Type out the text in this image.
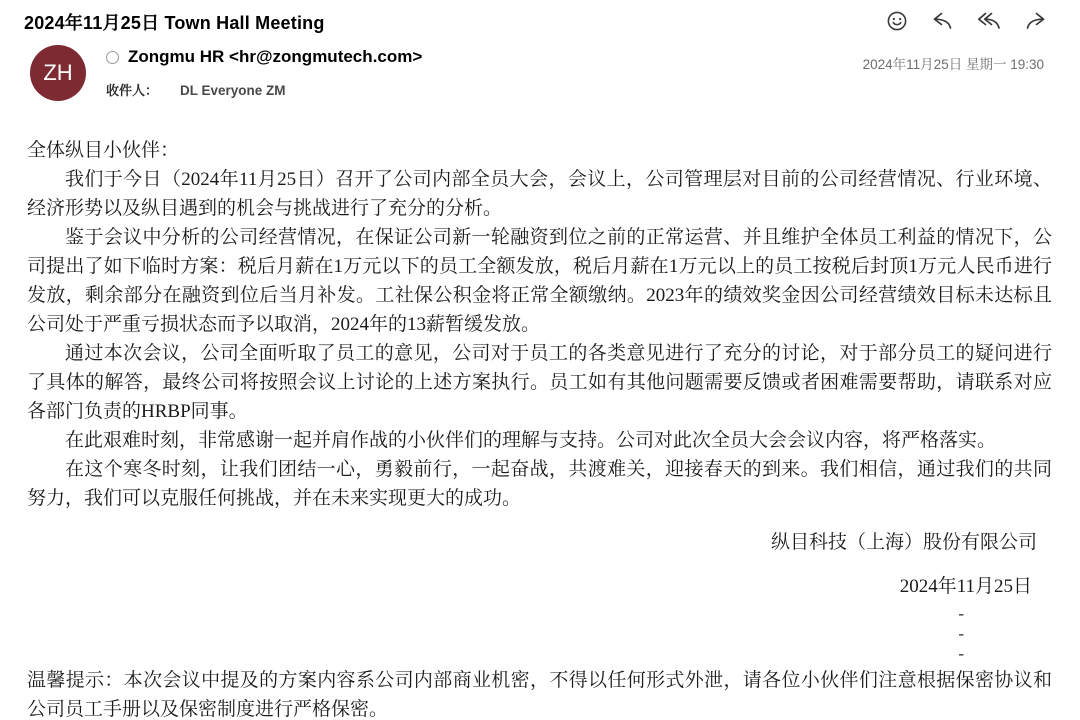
2024年11月25日 Town Hall Meeting
ZH
Zongmu HR <hr@zongmutech.com>
收件人： DL Everyone ZM
2024年11月25日 星期一 19:30

全体纵目小伙伴：

我们于今日（2024年11月25日）召开了公司内部全员大会，会议上，公司管理层对目前的公司经营情况、行业环境、经济形势以及纵目遇到的机会与挑战进行了充分的分析。

鉴于会议中分析的公司经营情况，在保证公司新一轮融资到位之前的正常运营、并且维护全体员工利益的情况下，公司提出了如下临时方案：税后月薪在1万元以下的员工全额发放，税后月薪在1万元以上的员工按税后封顶1万元人民币进行发放，剩余部分在融资到位后当月补发。工社保公积金将正常全额缴纳。2023年的绩效奖金因公司经营绩效目标未达标且公司处于严重亏损状态而予以取消，2024年的13薪暂缓发放。

通过本次会议，公司全面听取了员工的意见，公司对于员工的各类意见进行了充分的讨论，对于部分员工的疑问进行了具体的解答，最终公司将按照会议上讨论的上述方案执行。员工如有其他问题需要反馈或者困难需要帮助，请联系对应各部门负责的HRBP同事。

在此艰难时刻，非常感谢一起并肩作战的小伙伴们的理解与支持。公司对此次全员大会会议内容，将严格落实。

在这个寒冬时刻，让我们团结一心，勇毅前行，一起奋战，共渡难关，迎接春天的到来。我们相信，通过我们的共同努力，我们可以克服任何挑战，并在未来实现更大的成功。

纵目科技（上海）股份有限公司

2024年11月25日

-
-
-

温馨提示：本次会议中提及的方案内容系公司内部商业机密，不得以任何形式外泄，请各位小伙伴们注意根据保密协议和公司员工手册以及保密制度进行严格保密。
